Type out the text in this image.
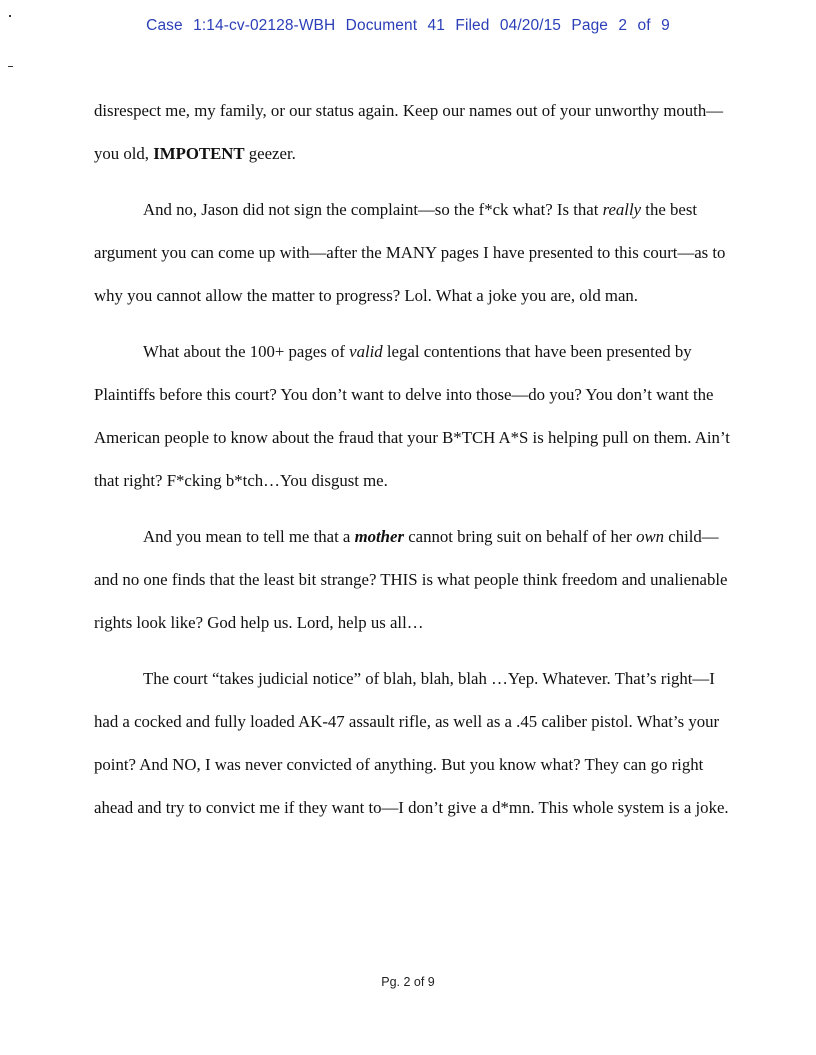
Case 1:14-cv-02128-WBH Document 41 Filed 04/20/15 Page 2 of 9

disrespect me, my family, or our status again. Keep our names out of your unworthy mouth—you old, IMPOTENT geezer.

And no, Jason did not sign the complaint—so the f*ck what? Is that really the best argument you can come up with—after the MANY pages I have presented to this court—as to why you cannot allow the matter to progress? Lol. What a joke you are, old man.

What about the 100+ pages of valid legal contentions that have been presented by Plaintiffs before this court? You don’t want to delve into those—do you? You don’t want the American people to know about the fraud that your B*TCH A*S is helping pull on them. Ain’t that right? F*cking b*tch…You disgust me.

And you mean to tell me that a mother cannot bring suit on behalf of her own child—and no one finds that the least bit strange? THIS is what people think freedom and unalienable rights look like? God help us. Lord, help us all…

The court “takes judicial notice” of blah, blah, blah …Yep. Whatever. That’s right—I had a cocked and fully loaded AK-47 assault rifle, as well as a .45 caliber pistol. What’s your point? And NO, I was never convicted of anything. But you know what? They can go right ahead and try to convict me if they want to—I don’t give a d*mn. This whole system is a joke.

Pg. 2 of 9
